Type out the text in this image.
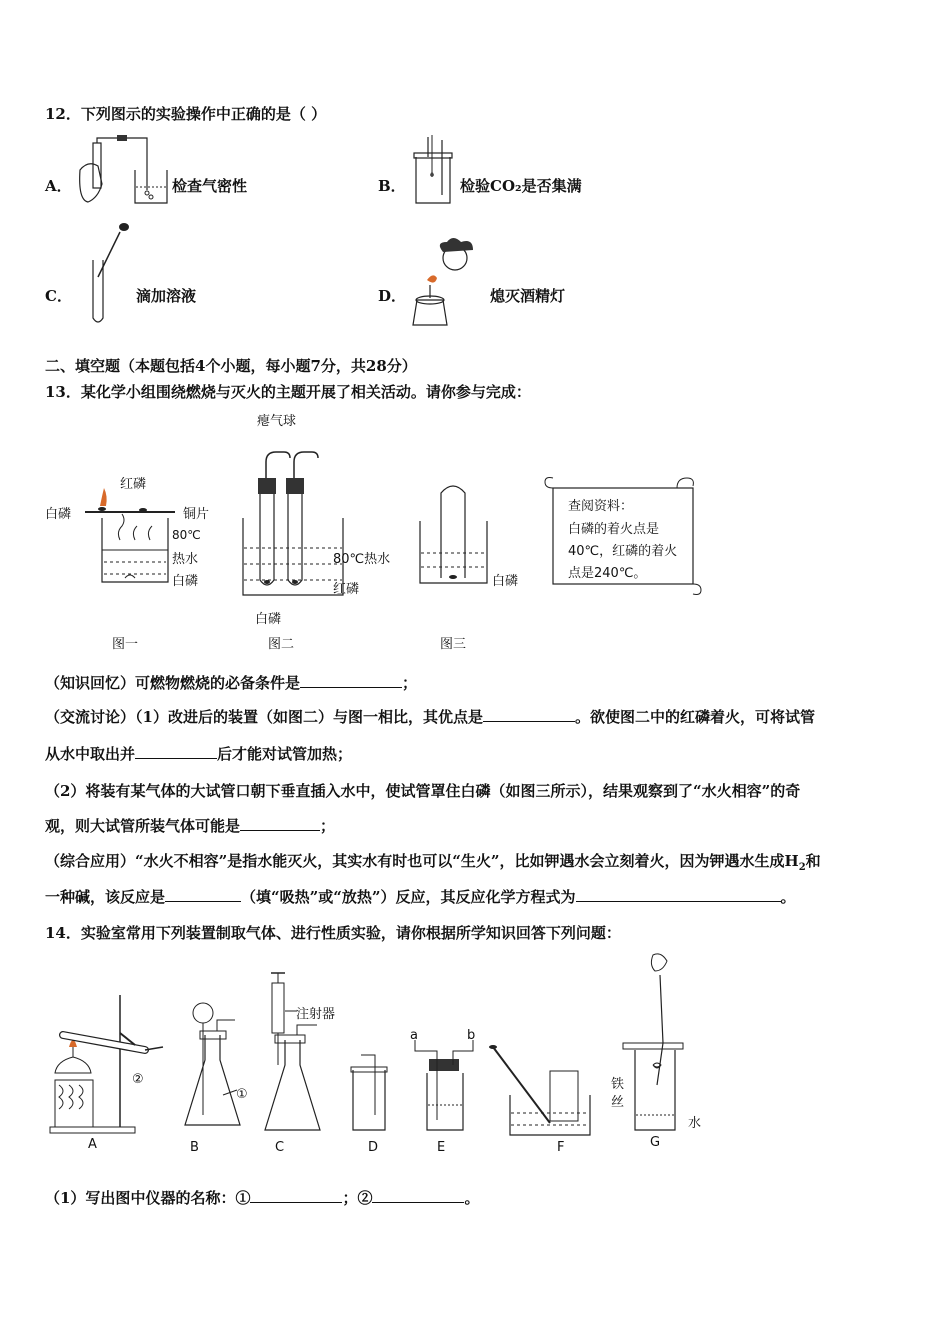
12．下列图示的实验操作中正确的是（ ）
A．	检查气密性	B．	检验CO₂是否集满
C．	滴加溶液	D．	熄灭酒精灯
二、填空题（本题包括4个小题，每小题7分，共28分）
13．某化学小组围绕燃烧与灭火的主题开展了相关活动。请你参与完成：
红磷
白磷	铜片
80℃
热水
白磷
图一
瘪气球
80℃热水
红磷
白磷
图二
白磷
图三
查阅资料：
白磷的着火点是
40℃，红磷的着火
点是240℃。
（知识回忆）可燃物燃烧的必备条件是	；
（交流讨论）（1）改进后的装置（如图二）与图一相比，其优点是	。欲使图二中的红磷着火，可将试管
从水中取出并	后才能对试管加热；
（2）将装有某气体的大试管口朝下垂直插入水中，使试管罩住白磷（如图三所示），结果观察到了“水火相容”的奇
观，则大试管所装气体可能是	；
（综合应用）“水火不相容”是指水能灭火，其实水有时也可以“生火”，比如钾遇水会立刻着火，因为钾遇水生成$H_2$和
一种碱，该反应是	（填“吸热”或“放热”）反应，其反应化学方程式为	。
14．实验室常用下列装置制取气体、进行性质实验，请你根据所学知识回答下列问题：
A	B	C	D	E	F	G
②
①
注射器
a	b
铁
丝
水
（1）写出图中仪器的名称：①	；②	。
